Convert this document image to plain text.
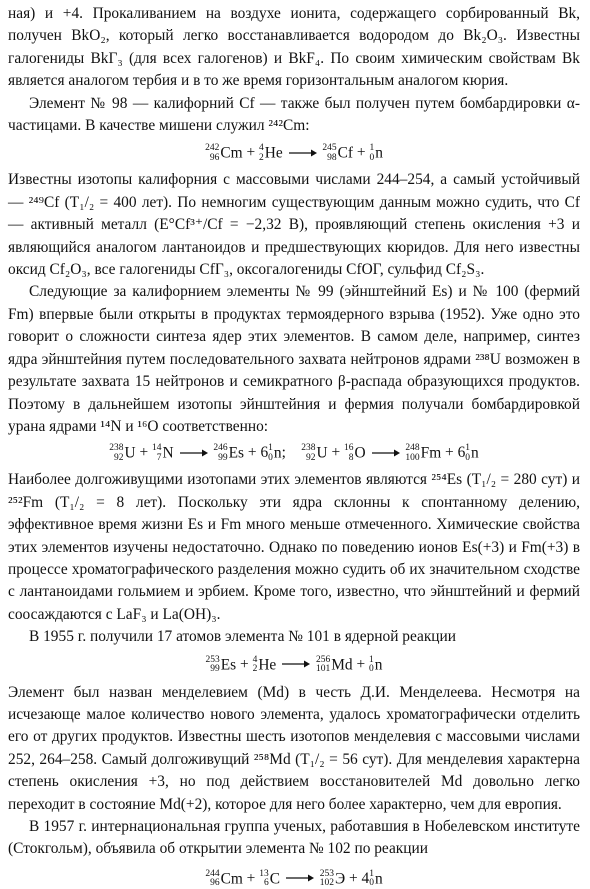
ная) и +4. Прокаливанием на воздухе ионита, содержащего сорбированный Bk, получен BkO₂, который легко восстанавливается водородом до Bk₂O₃. Известны галогениды BkГ₃ (для всех галогенов) и BkF₄. По своим химическим свойствам Bk является аналогом тербия и в то же время горизонтальным аналогом кюрия.

Элемент № 98 — калифорний Cf — также был получен путем бомбардировки α-частицами. В качестве мишени служил ²⁴²Cm:

242
96 Cm + 4
2 He → 245
98 Cf + 1
0 n

Известны изотопы калифорния с массовыми числами 244–254, а самый устойчивый — ²⁴⁹Cf (T₁/₂ = 400 лет). По немногим существующим данным можно судить, что Cf — активный металл (E°Cf³⁺/Cf = −2,32 В), проявляющий степень окисления +3 и являющийся аналогом лантаноидов и предшествующих кюридов. Для него известны оксид Cf₂O₃, все галогениды CfГ₃, оксогалогениды CfOГ, сульфид Cf₂S₃.

Следующие за калифорнием элементы № 99 (эйнштейний Es) и № 100 (фермий Fm) впервые были открыты в продуктах термоядерного взрыва (1952). Уже одно это говорит о сложности синтеза ядер этих элементов. В самом деле, например, синтез ядра эйнштейния путем последовательного захвата нейтронов ядрами ²³⁸U возможен в результате захвата 15 нейтронов и семикратного β-распада образующихся продуктов. Поэтому в дальнейшем изотопы эйнштейния и фермия получали бомбардировкой урана ядрами ¹⁴N и ¹⁶O соответственно:

238
92 U + 14
7 N → 246
99 Es + 6 1
0 n; 238
92 U + 16
8 O → 248
100 Fm + 6 1
0 n

Наиболее долгоживущими изотопами этих элементов являются ²⁵⁴Es (T₁/₂ = 280 сут) и ²⁵²Fm (T₁/₂ = 8 лет). Поскольку эти ядра склонны к спонтанному делению, эффективное время жизни Es и Fm много меньше отмеченного. Химические свойства этих элементов изучены недостаточно. Однако по поведению ионов Es(+3) и Fm(+3) в процессе хроматографического разделения можно судить об их значительном сходстве с лантаноидами гольмием и эрбием. Кроме того, известно, что эйнштейний и фермий соосаждаются с LaF₃ и La(OH)₃.

В 1955 г. получили 17 атомов элемента № 101 в ядерной реакции

253
99 Es + 4
2 He → 256
101 Md + 1
0 n

Элемент был назван менделевием (Md) в честь Д.И. Менделеева. Несмотря на исчезающе малое количество нового элемента, удалось хроматографически отделить его от других продуктов. Известны шесть изотопов менделевия с массовыми числами 252, 264–258. Самый долгоживущий ²⁵⁸Md (T₁/₂ = 56 сут). Для менделевия характерна степень окисления +3, но под действием восстановителей Md довольно легко переходит в состояние Md(+2), которое для него более характерно, чем для европия.

В 1957 г. интернациональная группа ученых, работавшия в Нобелевском институте (Стокгольм), объявила об открытии элемента № 102 по реакции

244
96 Cm + 13
6 C → 253
102 Э + 4 1
0 n
